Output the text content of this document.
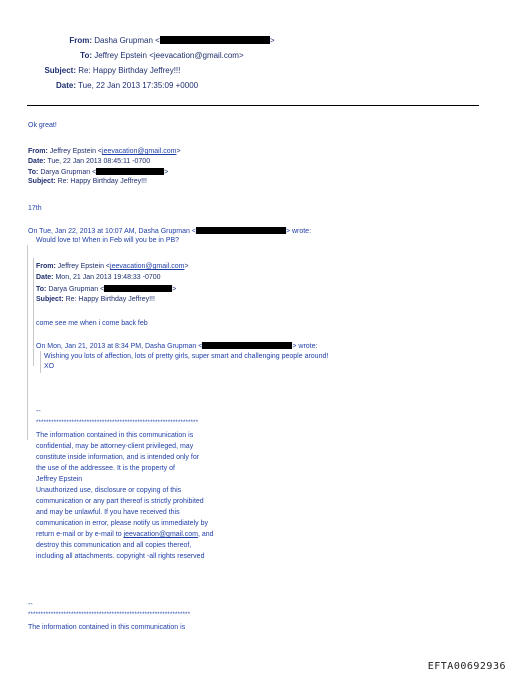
From: Dasha Grupman <	>
To: Jeffrey Epstein <jeevacation@gmail.com>
Subject: Re: Happy Birthday Jeffrey!!!
Date: Tue, 22 Jan 2013 17:35:09 +0000
Ok great!
From: Jeffrey Epstein <jeevacation@gmail.com>
Date: Tue, 22 Jan 2013 08:45:11 -0700
To: Darya Grupman <	>
Subject: Re: Happy Birthday Jeffrey!!!
17th
On Tue, Jan 22, 2013 at 10:07 AM, Dasha Grupman <	> wrote:
Would love to! When in Feb will you be in PB?
From: Jeffrey Epstein <jeevacation@gmail.com>
Date: Mon, 21 Jan 2013 19:48:33 -0700
To: Darya Grupman <	>
Subject: Re: Happy Birthday Jeffrey!!!
come see me when i come back feb
On Mon, Jan 21, 2013 at 8:34 PM, Dasha Grupman <	> wrote:
Wishing you lots of affection, lots of pretty girls, super smart and challenging people around!
XO
--
****************************************************************
The information contained in this communication is
confidential, may be attorney-client privileged, may
constitute inside information, and is intended only for
the use of the addressee. It is the property of
Jeffrey Epstein
Unauthorized use, disclosure or copying of this
communication or any part thereof is strictly prohibited
and may be unlawful. If you have received this
communication in error, please notify us immediately by
return e-mail or by e-mail to jeevacation@gmail.com, and
destroy this communication and all copies thereof,
including all attachments. copyright -all rights reserved
--
****************************************************************
The information contained in this communication is
EFTA00692936
